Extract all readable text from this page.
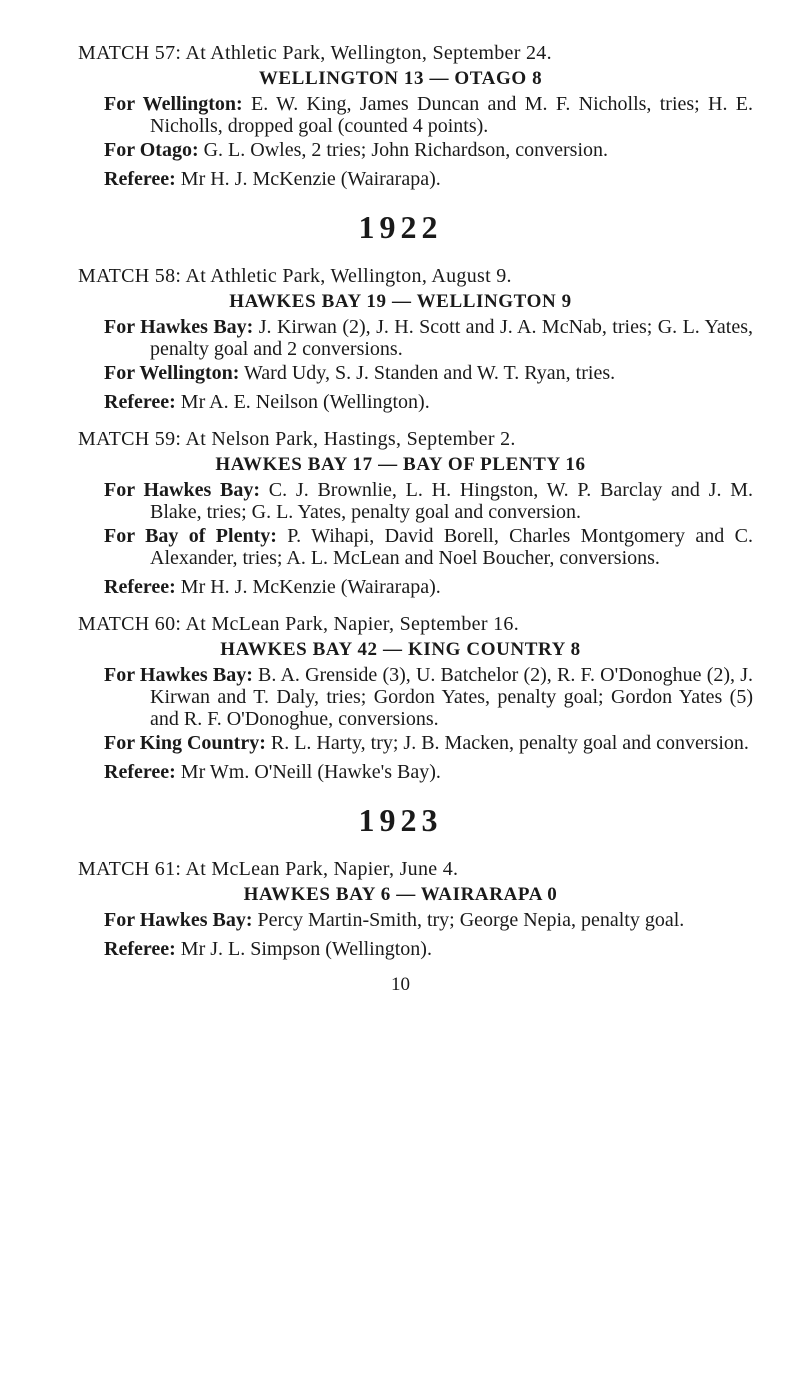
MATCH 57: At Athletic Park, Wellington, September 24.
WELLINGTON 13 — OTAGO 8
For Wellington: E. W. King, James Duncan and M. F. Nicholls, tries; H. E. Nicholls, dropped goal (counted 4 points).
For Otago: G. L. Owles, 2 tries; John Richardson, conversion.
Referee: Mr H. J. McKenzie (Wairarapa).
1922
MATCH 58: At Athletic Park, Wellington, August 9.
HAWKES BAY 19 — WELLINGTON 9
For Hawkes Bay: J. Kirwan (2), J. H. Scott and J. A. McNab, tries; G. L. Yates, penalty goal and 2 conversions.
For Wellington: Ward Udy, S. J. Standen and W. T. Ryan, tries.
Referee: Mr A. E. Neilson (Wellington).
MATCH 59: At Nelson Park, Hastings, September 2.
HAWKES BAY 17 — BAY OF PLENTY 16
For Hawkes Bay: C. J. Brownlie, L. H. Hingston, W. P. Barclay and J. M. Blake, tries; G. L. Yates, penalty goal and conversion.
For Bay of Plenty: P. Wihapi, David Borell, Charles Montgomery and C. Alexander, tries; A. L. McLean and Noel Boucher, conversions.
Referee: Mr H. J. McKenzie (Wairarapa).
MATCH 60: At McLean Park, Napier, September 16.
HAWKES BAY 42 — KING COUNTRY 8
For Hawkes Bay: B. A. Grenside (3), U. Batchelor (2), R. F. O'Donoghue (2), J. Kirwan and T. Daly, tries; Gordon Yates, penalty goal; Gordon Yates (5) and R. F. O'Donoghue, conversions.
For King Country: R. L. Harty, try; J. B. Macken, penalty goal and conversion.
Referee: Mr Wm. O'Neill (Hawke's Bay).
1923
MATCH 61: At McLean Park, Napier, June 4.
HAWKES BAY 6 — WAIRARAPA 0
For Hawkes Bay: Percy Martin-Smith, try; George Nepia, penalty goal.
Referee: Mr J. L. Simpson (Wellington).
10
